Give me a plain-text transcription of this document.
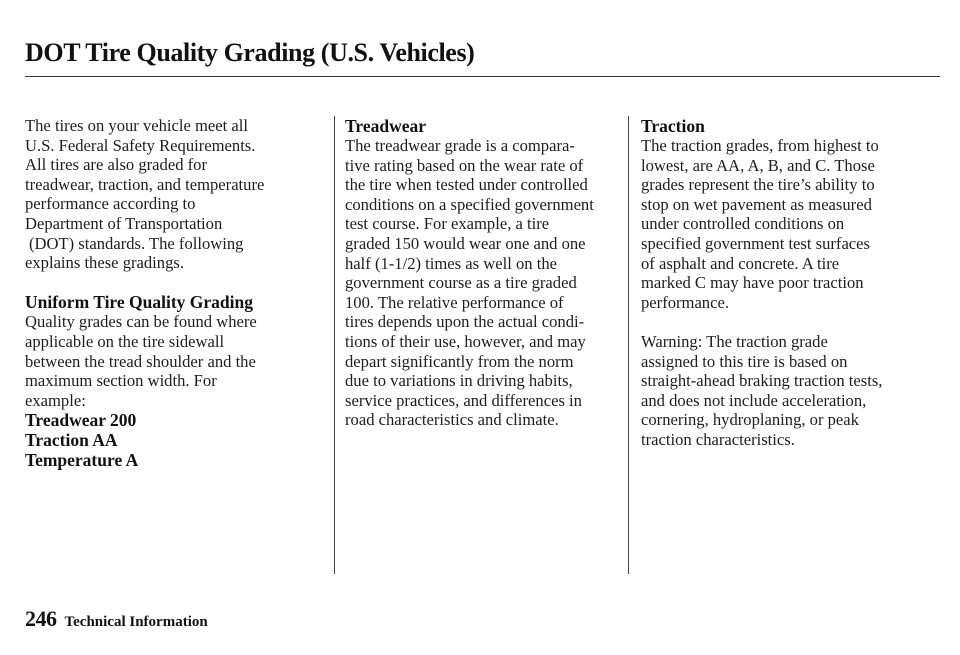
DOT Tire Quality Grading (U.S. Vehicles)

The tires on your vehicle meet all

U.S. Federal Safety Requirements.

All tires are also graded for

treadwear, traction, and temperature

performance according to

Department of Transportation

(DOT) standards. The following

explains these gradings.

Uniform Tire Quality Grading

Quality grades can be found where

applicable on the tire sidewall

between the tread shoulder and the

maximum section width. For

example:

Treadwear 200

Traction AA

Temperature A

Treadwear

The treadwear grade is a compara-

tive rating based on the wear rate of

the tire when tested under controlled

conditions on a specified government

test course. For example, a tire

graded 150 would wear one and one

half (1-1/2) times as well on the

government course as a tire graded

100. The relative performance of

tires depends upon the actual condi-

tions of their use, however, and may

depart significantly from the norm

due to variations in driving habits,

service practices, and differences in

road characteristics and climate.

Traction

The traction grades, from highest to

lowest, are AA, A, B, and C. Those

grades represent the tire’s ability to

stop on wet pavement as measured

under controlled conditions on

specified government test surfaces

of asphalt and concrete. A tire

marked C may have poor traction

performance.

Warning: The traction grade

assigned to this tire is based on

straight-ahead braking traction tests,

and does not include acceleration,

cornering, hydroplaning, or peak

traction characteristics.

246 Technical Information
